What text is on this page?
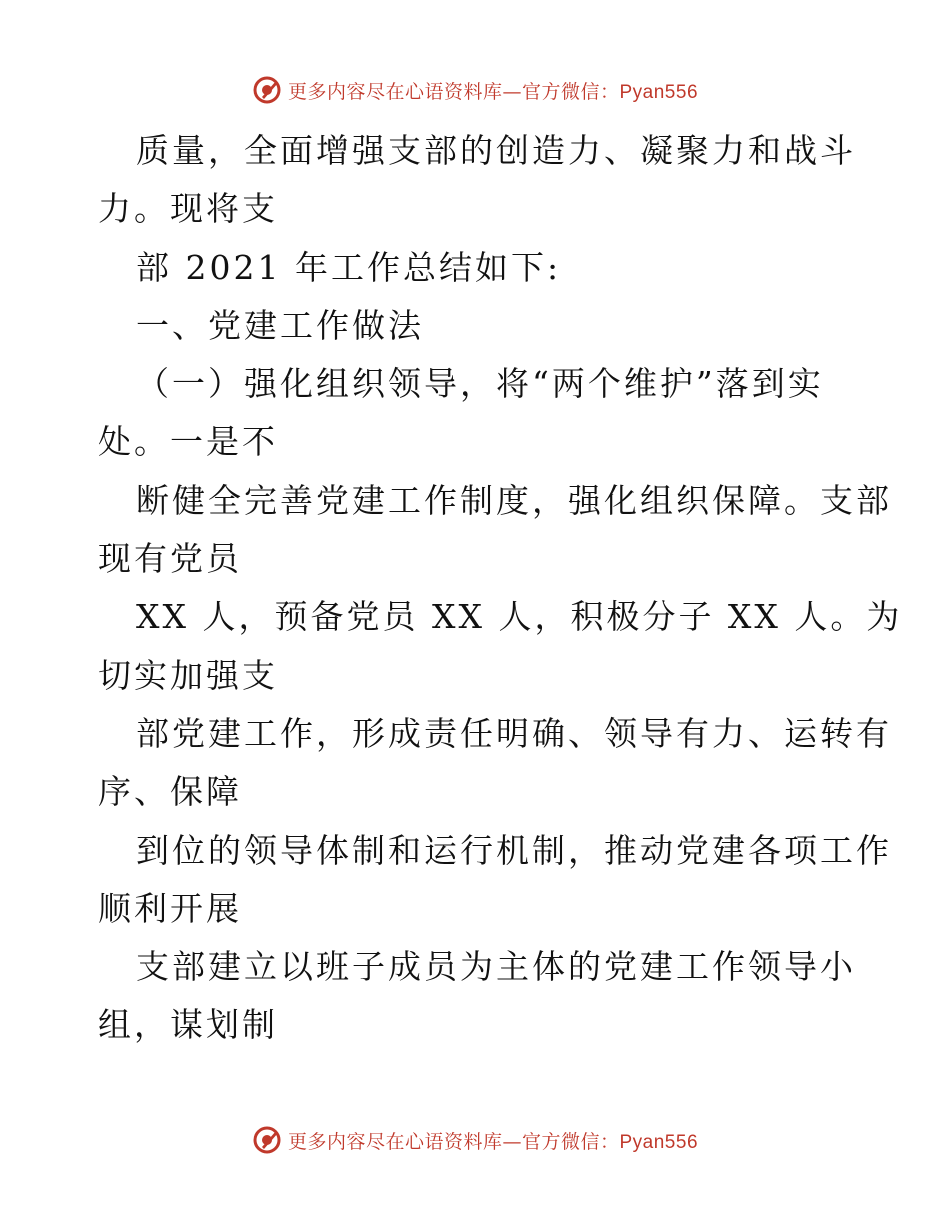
更多内容尽在心语资料库—官方微信：Pyan556
质量，全面增强支部的创造力、凝聚力和战斗
力。现将支
部 2021 年工作总结如下:
一、党建工作做法
（一）强化组织领导，将“两个维护”落到实
处。一是不
断健全完善党建工作制度，强化组织保障。支部
现有党员
XX 人，预备党员 XX 人，积极分子 XX 人。为
切实加强支
部党建工作，形成责任明确、领导有力、运转有
序、保障
到位的领导体制和运行机制，推动党建各项工作
顺利开展
支部建立以班子成员为主体的党建工作领导小
组，谋划制
更多内容尽在心语资料库—官方微信：Pyan556
